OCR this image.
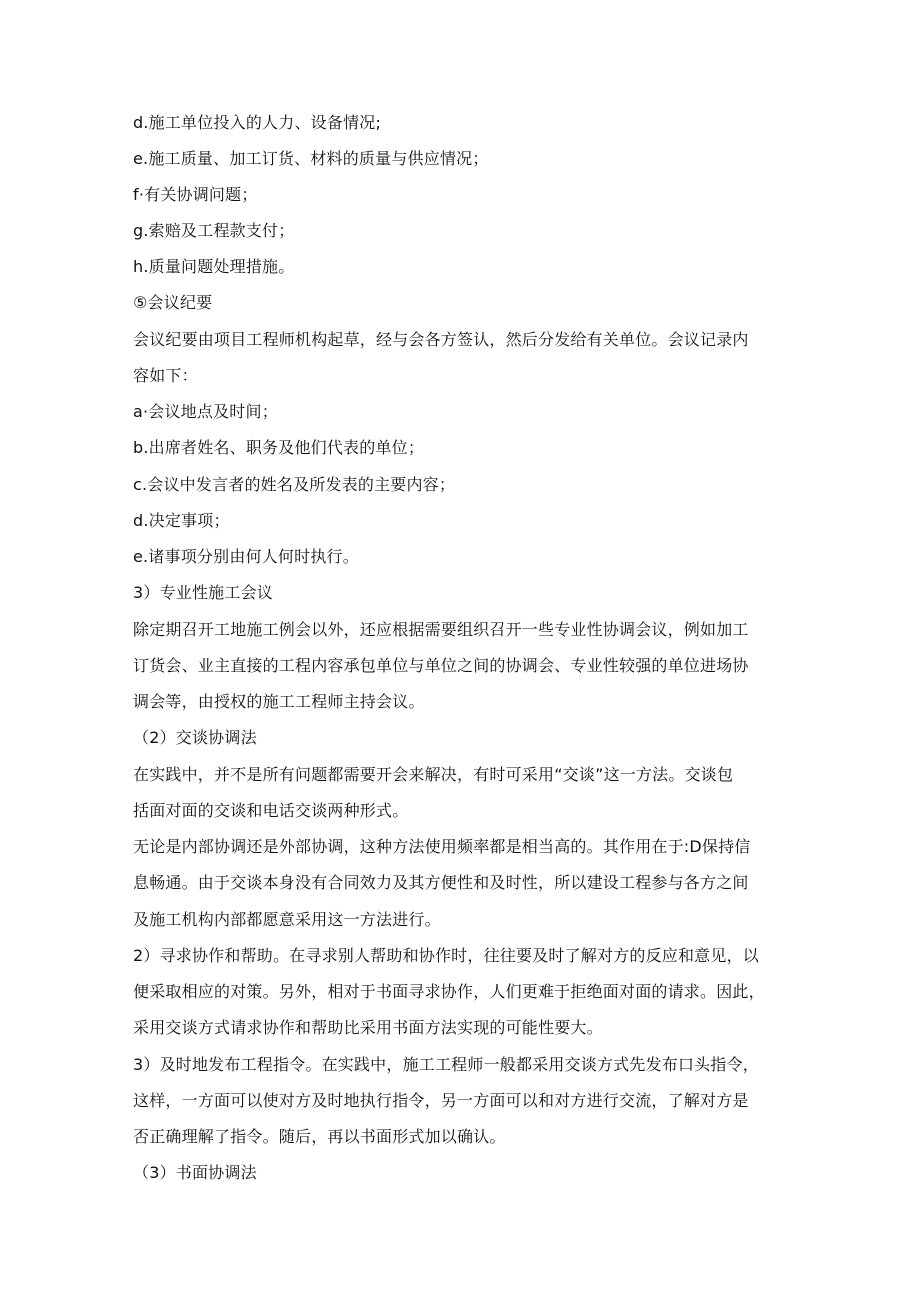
d.施工单位投入的人力、设备情况;
e.施工质量、加工订货、材料的质量与供应情况；
f·有关协调问题；
g.索赔及工程款支付；
h.质量问题处理措施。
⑤会议纪要
会议纪要由项目工程师机构起草，经与会各方签认，然后分发给有关单位。会议记录内
容如下：
a·会议地点及时间；
b.出席者姓名、职务及他们代表的单位；
c.会议中发言者的姓名及所发表的主要内容；
d.决定事项；
e.诸事项分别由何人何时执行。
3）专业性施工会议
除定期召开工地施工例会以外，还应根据需要组织召开一些专业性协调会议，例如加工
订货会、业主直接的工程内容承包单位与单位之间的协调会、专业性较强的单位进场协
调会等，由授权的施工工程师主持会议。
（2）交谈协调法
在实践中，并不是所有问题都需要开会来解决，有时可采用“交谈”这一方法。交谈包
括面对面的交谈和电话交谈两种形式。
无论是内部协调还是外部协调，这种方法使用频率都是相当高的。其作用在于:D保持信
息畅通。由于交谈本身没有合同效力及其方便性和及时性，所以建设工程参与各方之间
及施工机构内部都愿意采用这一方法进行。
2）寻求协作和帮助。在寻求别人帮助和协作时，往往要及时了解对方的反应和意见，以
便采取相应的对策。另外，相对于书面寻求协作，人们更难于拒绝面对面的请求。因此，
采用交谈方式请求协作和帮助比采用书面方法实现的可能性要大。
3）及时地发布工程指令。在实践中，施工工程师一般都采用交谈方式先发布口头指令，
这样，一方面可以使对方及时地执行指令，另一方面可以和对方进行交流，了解对方是
否正确理解了指令。随后，再以书面形式加以确认。
（3）书面协调法
